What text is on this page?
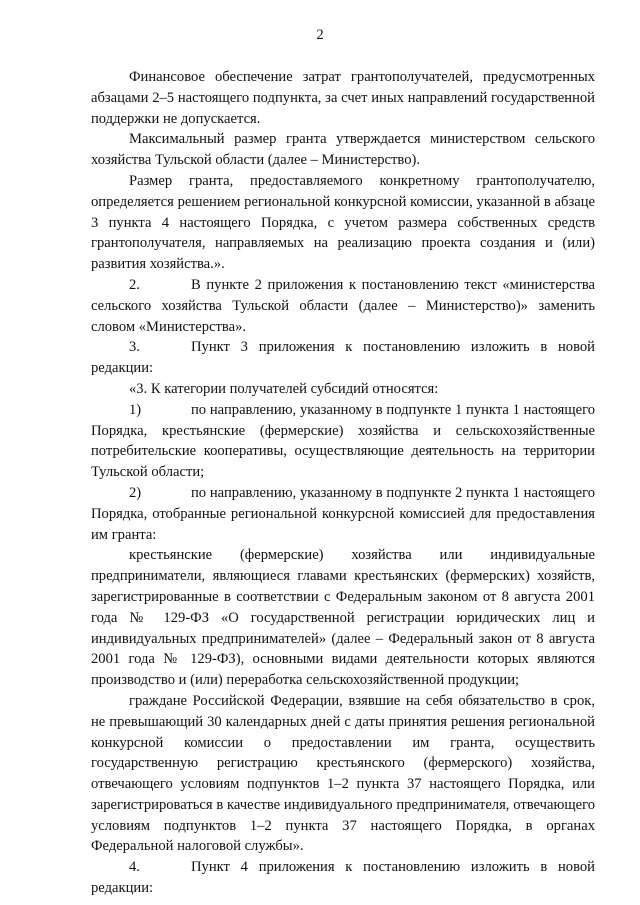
2

Финансовое обеспечение затрат грантополучателей, предусмотренных абзацами 2–5 настоящего подпункта, за счет иных направлений государственной поддержки не допускается.

Максимальный размер гранта утверждается министерством сельского хозяйства Тульской области (далее – Министерство).

Размер гранта, предоставляемого конкретному грантополучателю, определяется решением региональной конкурсной комиссии, указанной в абзаце 3 пункта 4 настоящего Порядка, с учетом размера собственных средств грантополучателя, направляемых на реализацию проекта создания и (или) развития хозяйства.».

2.	В пункте 2 приложения к постановлению текст «министерства сельского хозяйства Тульской области (далее – Министерство)» заменить словом «Министерства».

3.	Пункт 3 приложения к постановлению изложить в новой редакции:

«3. К категории получателей субсидий относятся:

1)	по направлению, указанному в подпункте 1 пункта 1 настоящего Порядка, крестьянские (фермерские) хозяйства и сельскохозяйственные потребительские кооперативы, осуществляющие деятельность на территории Тульской области;

2)	по направлению, указанному в подпункте 2 пункта 1 настоящего Порядка, отобранные региональной конкурсной комиссией для предоставления им гранта:

крестьянские (фермерские) хозяйства или индивидуальные предприниматели, являющиеся главами крестьянских (фермерских) хозяйств, зарегистрированные в соответствии с Федеральным законом от 8 августа 2001 года № 129-ФЗ «О государственной регистрации юридических лиц и индивидуальных предпринимателей» (далее – Федеральный закон от 8 августа 2001 года № 129-ФЗ), основными видами деятельности которых являются производство и (или) переработка сельскохозяйственной продукции;

граждане Российской Федерации, взявшие на себя обязательство в срок, не превышающий 30 календарных дней с даты принятия решения региональной конкурсной комиссии о предоставлении им гранта, осуществить государственную регистрацию крестьянского (фермерского) хозяйства, отвечающего условиям подпунктов 1–2 пункта 37 настоящего Порядка, или зарегистрироваться в качестве индивидуального предпринимателя, отвечающего условиям подпунктов 1–2 пункта 37 настоящего Порядка, в органах Федеральной налоговой службы».

4.	Пункт 4 приложения к постановлению изложить в новой редакции:
